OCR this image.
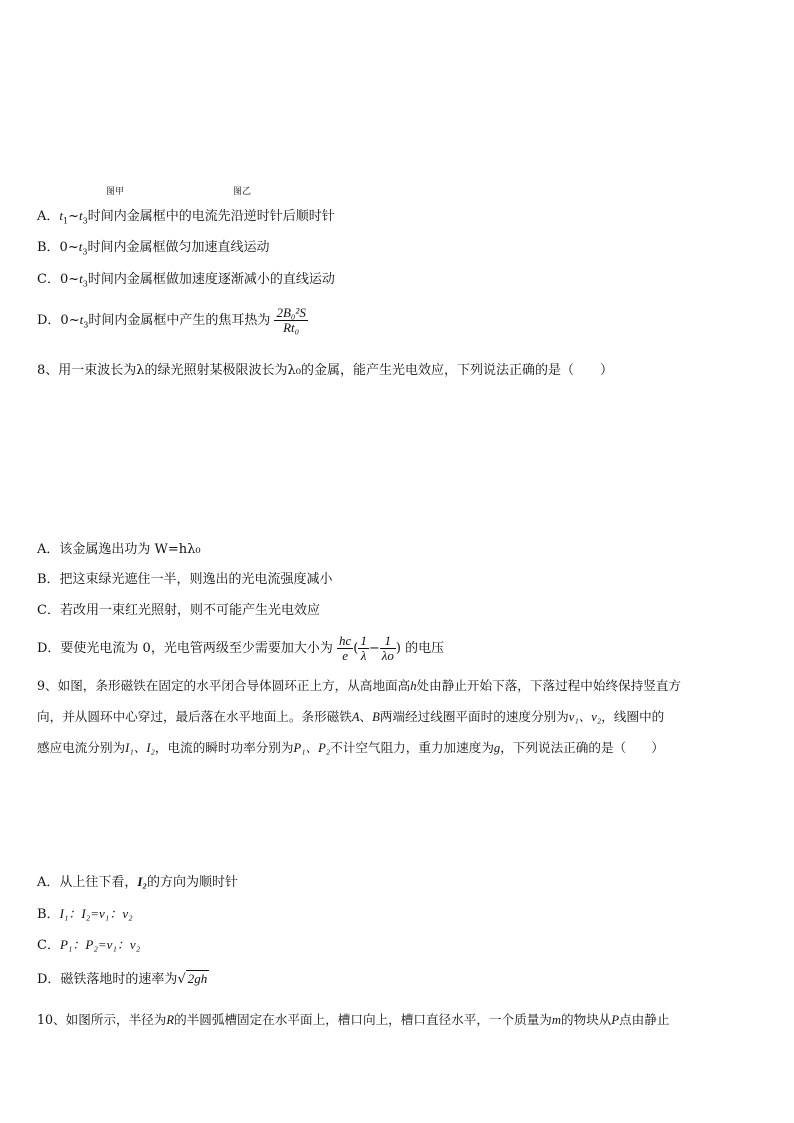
B
L
d
c
b
a
θ
图甲
B
t
O
B₀
−B₀
t₁ t₂	t₃
图乙
A．$t_1\sim t_3$时间内金属框中的电流先沿逆时针后顺时针
B．$0\sim t_3$时间内金属框做匀加速直线运动
C．$0\sim t_3$时间内金属框做加速度逐渐减小的直线运动
D．$0\sim t_3$时间内金属框中产生的焦耳热为 $\frac{\text{2B₀²S}}{\text{Rt₀}}$
8、用一束波长为λ的绿光照射某极限波长为λ₀的金属，能产生光电效应，下列说法正确的是（　　）
P
V
A
k
A．该金属逸出功为 W=hλ₀
B．把这束绿光遮住一半，则逸出的光电流强度减小
C．若改用一束红光照射，则不可能产生光电效应
D．要使光电流为 0，光电管两级至少需要加大小为 $\frac{hc}{e}$ ( $\frac{1}{\lambda} - \frac{1}{\lambda o}$ ) 的电压
9、如图，条形磁铁在固定的水平闭合导体圆环正上方，从高地面高h处由静止开始下落，下落过程中始终保持竖直方
向，并从圆环中心穿过，最后落在水平地面上。条形磁铁A、B两端经过线圈平面时的速度分别为v₁、v₂，线圈中的
感应电流分别为I₁、I₂，电流的瞬时功率分别为P₁、P₂不计空气阻力，重力加速度为g，下列说法正确的是（　　）
B
S
N
A
h
A．从上往下看，I₂的方向为顺时针
B．I₁：I₂=v₁：v₂
C．P₁：P₂=v₁：v₂
D．磁铁落地时的速率为√ 2gh
10、如图所示，半径为R的半圆弧槽固定在水平面上，槽口向上，槽口直径水平，一个质量为m的物块从P点由静止
